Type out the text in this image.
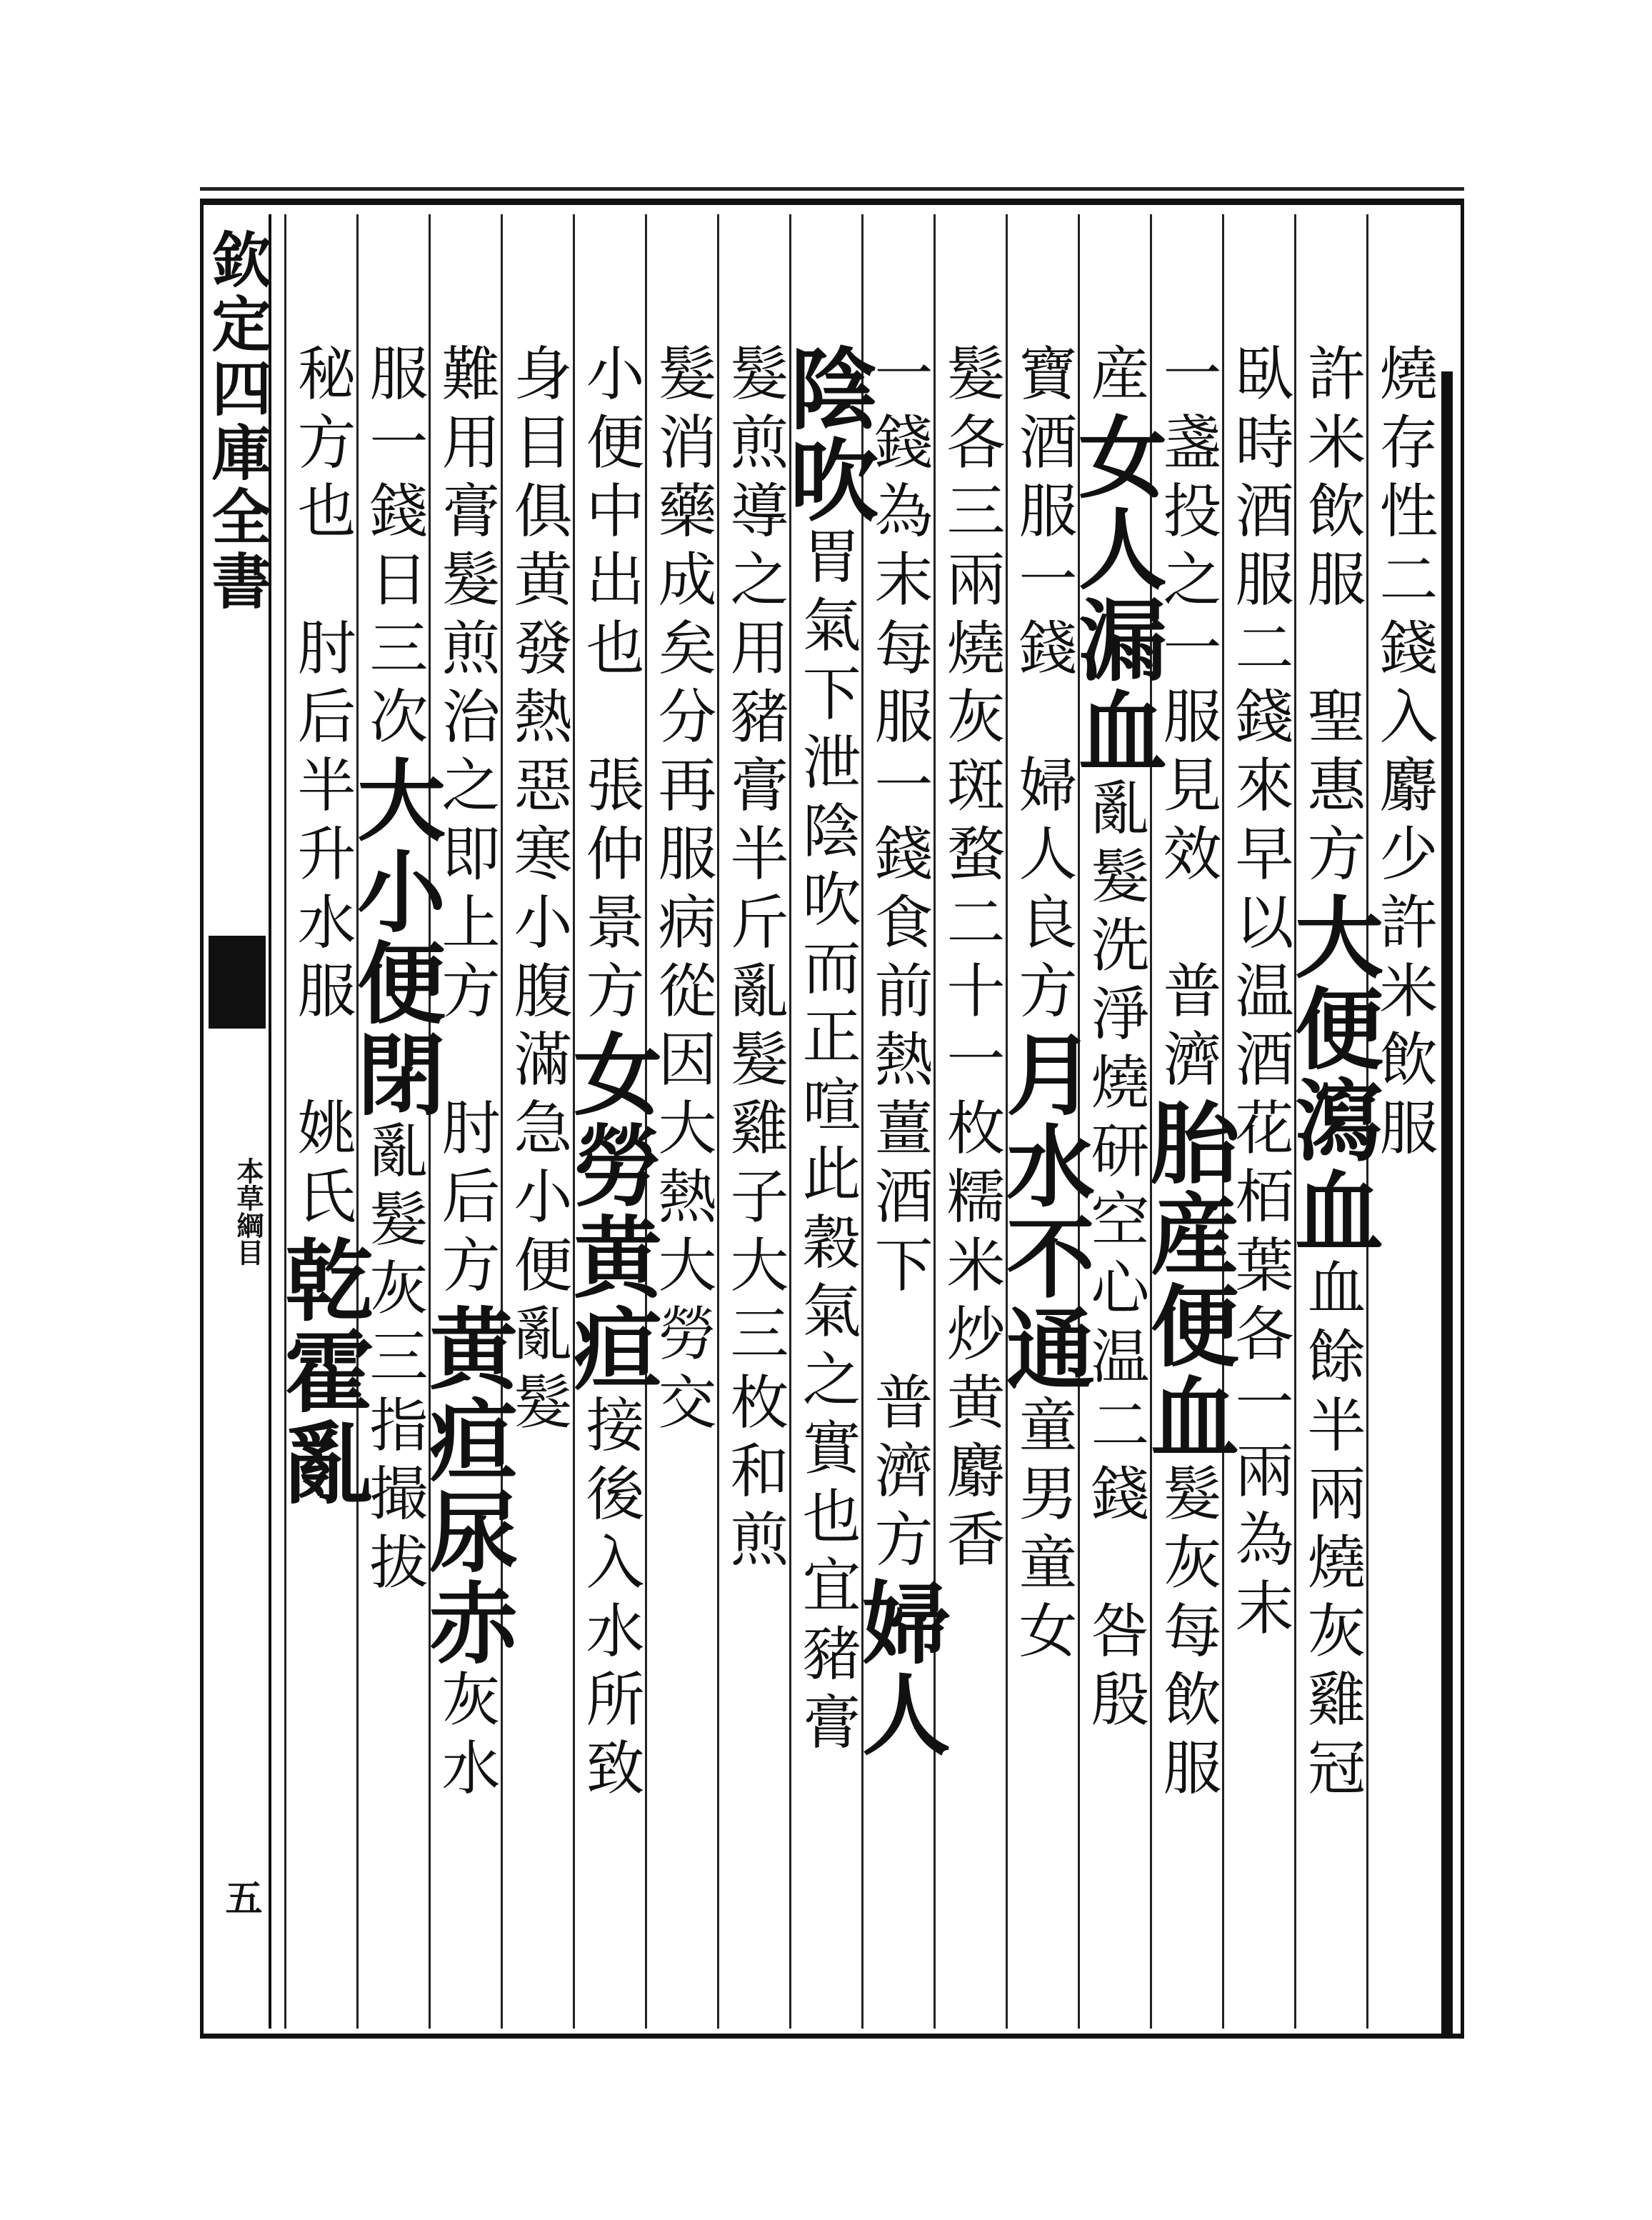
欽定四庫全書
本草綱目
五
燒存性二錢入麝少許米飲服
許米飲服　聖惠方大便瀉血血餘半兩燒灰雞冠
臥時酒服二錢來早以温酒花栢葉各一兩為末
一盞投之一服見效　普濟胎産便血髮灰每飲服
産女人漏血亂髮洗淨燒研空心温二錢　咎殷
寶酒服一錢　婦人良方月水不通童男童女
髮各三兩燒灰斑蝥二十一枚糯米炒黄麝香
一錢為末每服一錢食前熱薑酒下　普濟方婦人
陰吹胃氣下泄陰吹而正喧此穀氣之實也宜豬膏
髮煎導之用豬膏半斤亂髮雞子大三枚和煎
髮消藥成矣分再服病從因大熱大勞交
小便中出也　張仲景方女勞黄疸接後入水所致
身目俱黄發熱惡寒小腹滿急小便亂髮
難用膏髮煎治之即上方　肘后方黄疸尿赤灰水
服一錢日三次大小便閉亂髮灰三指撮拔
秘方也　肘后半升水服　姚氏乾霍亂
